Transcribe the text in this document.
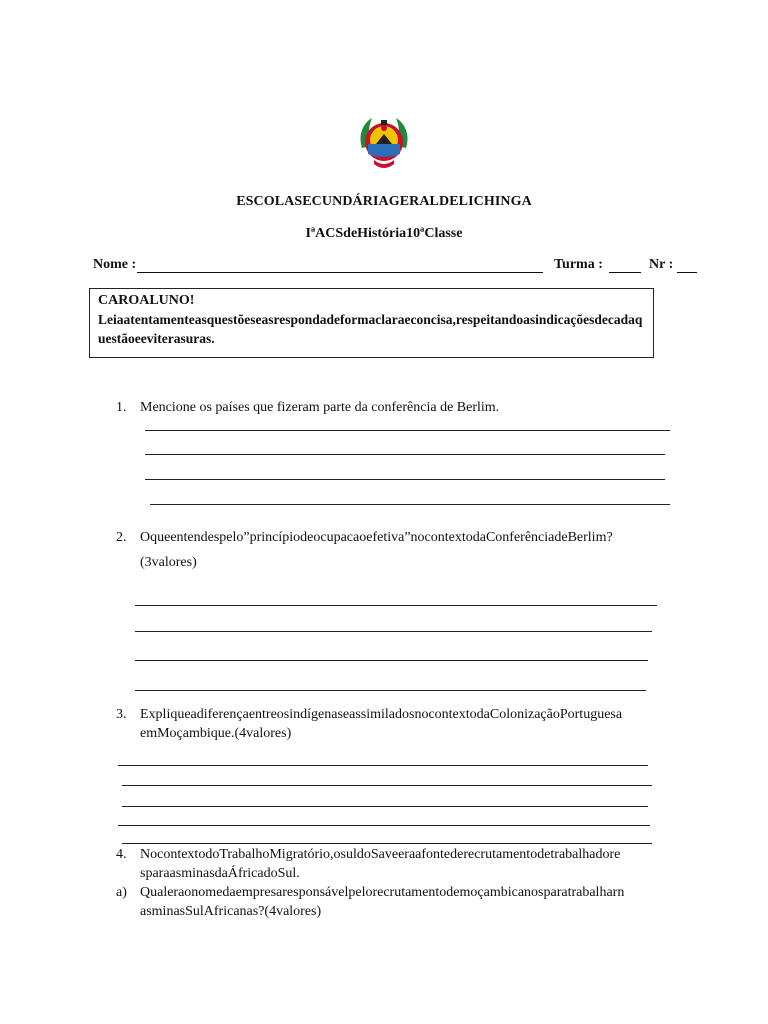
ESCOLASECUNDÁRIAGERALDELICHINGA
IªACSdeHistória10ªClasse
Nome :	Turma :	Nr :
CAROALUNO!
Leiaatentamenteasquestõeseasrespondadeformaclaraeconcisa,respeitandoasindicaçõesdecadaquestãoeeviterasuras.
1. Mencione os países que fizeram parte da conferência de Berlim.
2. Oqueentendespelo”princípiodeocupacaoefetiva”nocontextodaConferênciadeBerlim?
(3valores)
3. ExpliqueadiferençaentreosindígenaseassimiladosnocontextodaColonizaçãoPortuguesa emMoçambique.(4valores)
4. NocontextodoTrabalhoMigratório,osuldoSaveeraafontederecrutamentodetrabalhadore sparaasminasdaÁfricadoSul.
a) Qualeraonomedaempresaresponsávelpelorecrutamentodemoçambicanosparatrabalharn asminasSulAfricanas?(4valores)
